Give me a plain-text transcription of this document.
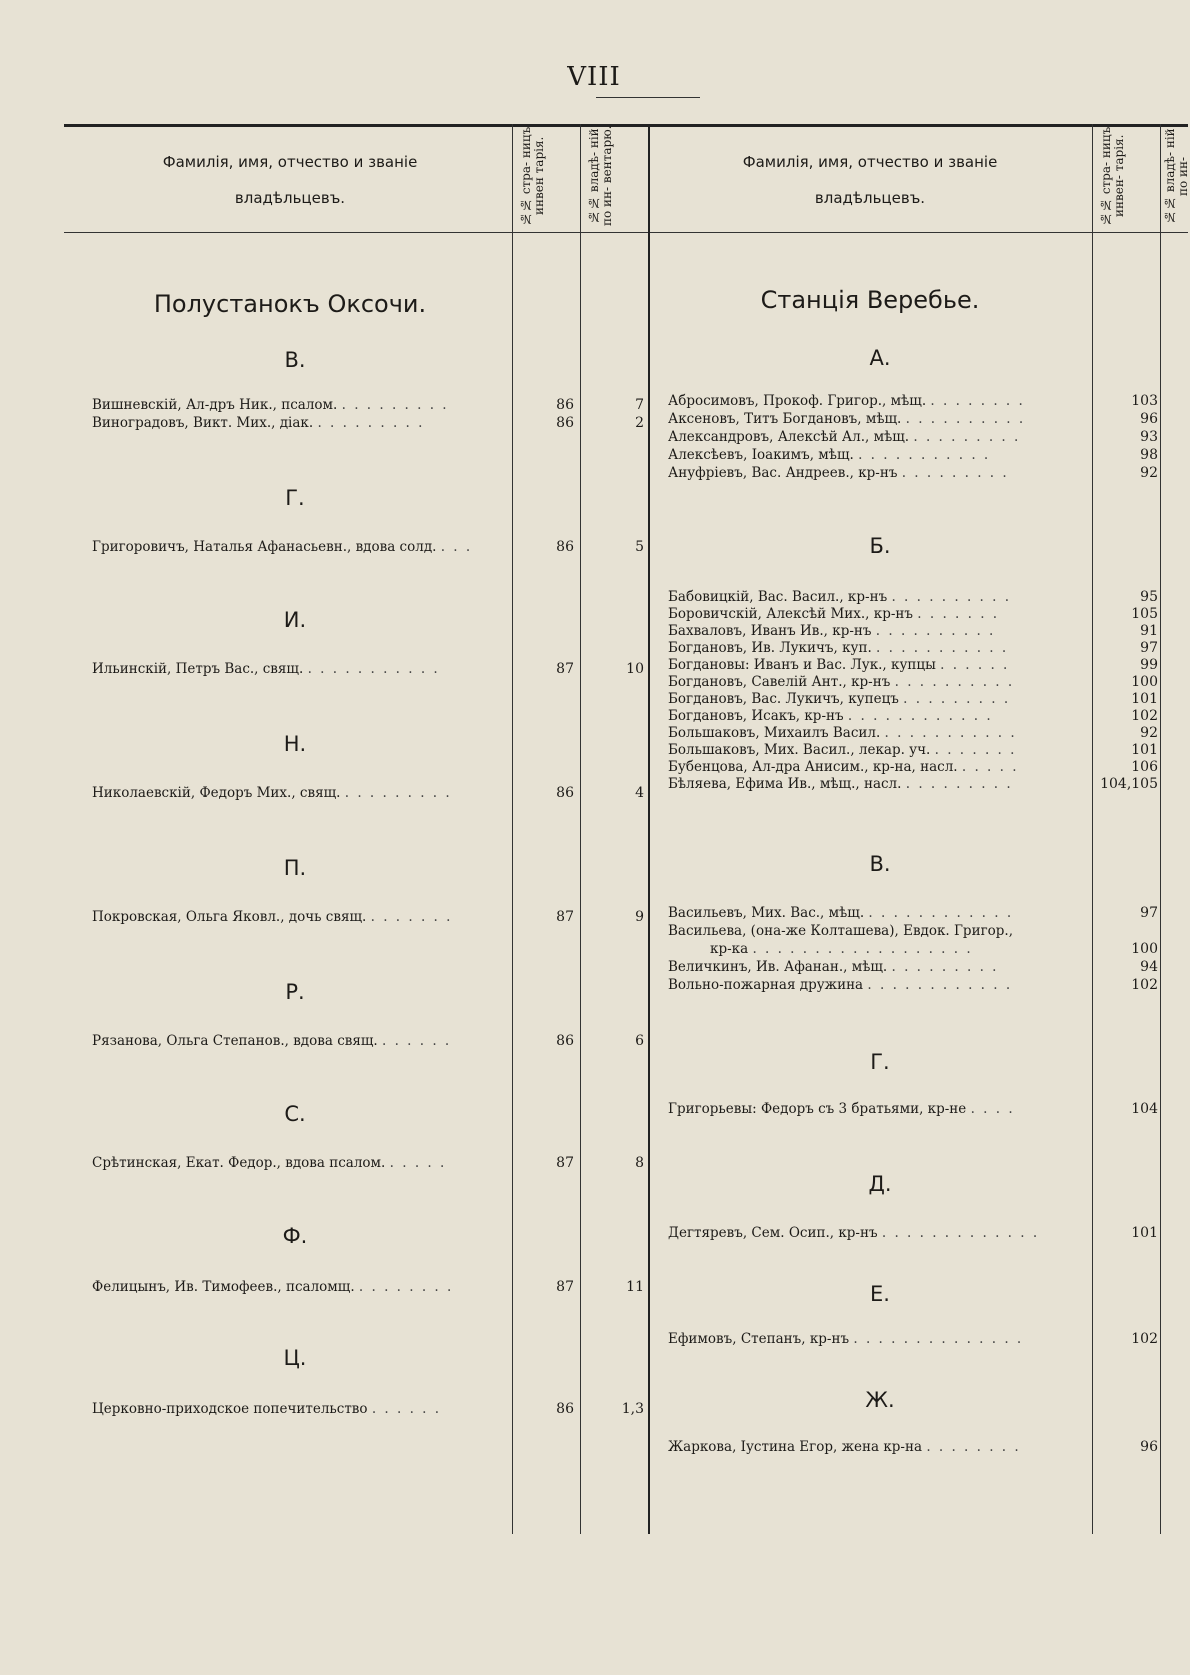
VIII
Фамилія, имя, отчество и званіе
владѣльцевъ.	№№ стра- ницъ инвен тарія.	№№ владѣ- ній по ин- вентарю.	Фамилія, имя, отчество и званіе
владѣльцевъ.	№№ стра- ницъ инвен- тарія.	№№ владѣ- ній по ин-
Полустанокъ Оксочи.
В.
Вишневскій, Ал-дръ Ник., псалом. . . . . . . . . .	86	7
Виноградовъ, Викт. Мих., діак. . . . . . . . . .	86	2
Г.
Григоровичъ, Наталья Афанасьевн., вдова солд. . . .	86	5
И.
Ильинскій, Петръ Вас., свящ. . . . . . . . . . . .	87	10
Н.
Николаевскій, Федоръ Мих., свящ. . . . . . . . . .	86	4
П.
Покровская, Ольга Яковл., дочь свящ. . . . . . . .	87	9
Р.
Рязанова, Ольга Степанов., вдова свящ. . . . . . .	86	6
С.
Срѣтинская, Екат. Федор., вдова псалом. . . . . .	87	8
Ф.
Фелицынъ, Ив. Тимофеев., псаломщ. . . . . . . . .	87	11
Ц.
Церковно-приходское попечительство . . . . . .	86	1,3
Станція Веребье.
А.
Абросимовъ, Прокоф. Григор., мѣщ. . . . . . . . .	103
Аксеновъ, Титъ Богдановъ, мѣщ. . . . . . . . . . .	96
Александровъ, Алексѣй Ал., мѣщ. . . . . . . . . .	93
Алексѣевъ, Іоакимъ, мѣщ. . . . . . . . . . . .	98
Ануфріевъ, Вас. Андреев., кр-нъ . . . . . . . . .	92
Б.
Бабовицкій, Вас. Васил., кр-нъ . . . . . . . . . .	95
Боровичскій, Алексѣй Мих., кр-нъ . . . . . . .	105
Бахваловъ, Иванъ Ив., кр-нъ . . . . . . . . . .	91
Богдановъ, Ив. Лукичъ, куп. . . . . . . . . . . .	97
Богдановы: Иванъ и Вас. Лук., купцы . . . . . .	99
Богдановъ, Савелій Ант., кр-нъ . . . . . . . . . .	100
Богдановъ, Вас. Лукичъ, купецъ . . . . . . . . .	101
Богдановъ, Исакъ, кр-нъ . . . . . . . . . . . .	102
Большаковъ, Михаилъ Васил. . . . . . . . . . . .	92
Большаковъ, Мих. Васил., лекар. уч. . . . . . . .	101
Бубенцова, Ал-дра Анисим., кр-на, насл. . . . . .	106
Бѣляева, Ефима Ив., мѣщ., насл. . . . . . . . . .	104,105
В.
Васильевъ, Мих. Вас., мѣщ. . . . . . . . . . . . .	97
Васильева, (она-же Колташева), Евдок. Григор.,
кр-ка . . . . . . . . . . . . . . . . . .	100
Величкинъ, Ив. Афанан., мѣщ. . . . . . . . . .	94
Вольно-пожарная дружина . . . . . . . . . . . .	102
Г.
Григорьевы: Федоръ съ 3 братьями, кр-не . . . .	104
Д.
Дегтяревъ, Сем. Осип., кр-нъ . . . . . . . . . . . . .	101
Е.
Ефимовъ, Степанъ, кр-нъ . . . . . . . . . . . . . .	102
Ж.
Жаркова, Іустина Егор, жена кр-на . . . . . . . .	96
